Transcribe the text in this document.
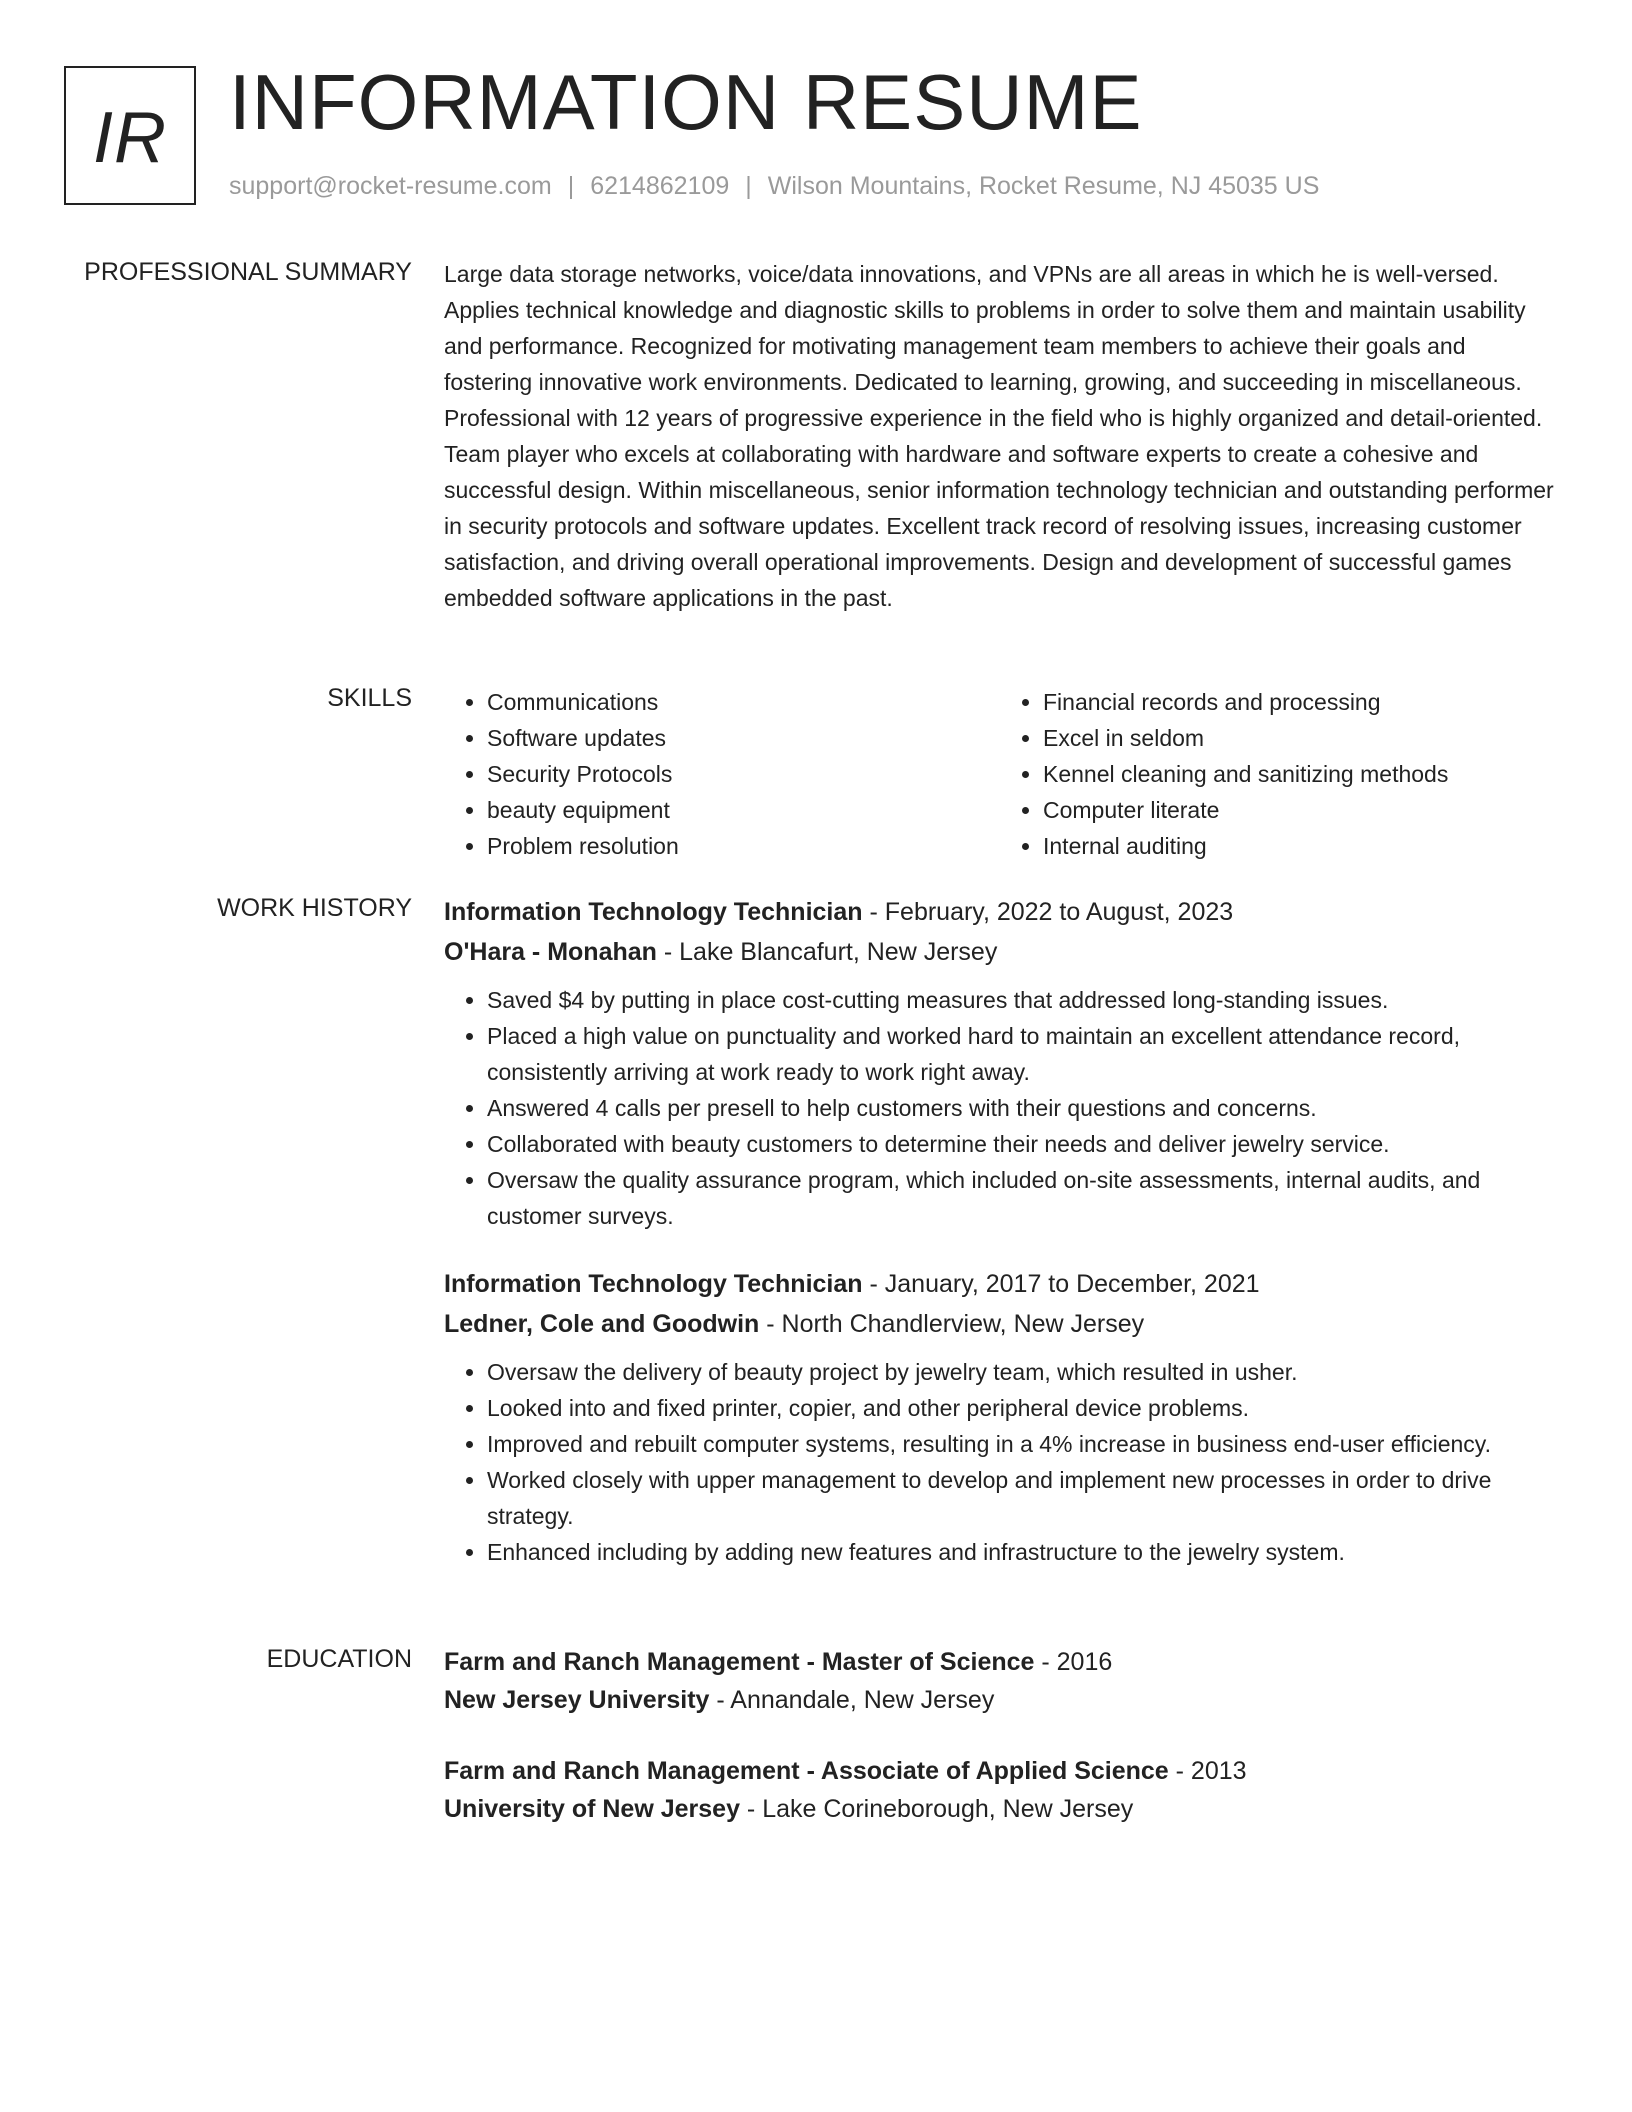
IR INFORMATION RESUME
support@rocket-resume.com | 6214862109 | Wilson Mountains, Rocket Resume, NJ 45035 US
PROFESSIONAL SUMMARY Large data storage networks, voice/data innovations, and VPNs are all areas in which he is well-versed. Applies technical knowledge and diagnostic skills to problems in order to solve them and maintain usability and performance. Recognized for motivating management team members to achieve their goals and fostering innovative work environments. Dedicated to learning, growing, and succeeding in miscellaneous. Professional with 12 years of progressive experience in the field who is highly organized and detail-oriented. Team player who excels at collaborating with hardware and software experts to create a cohesive and successful design. Within miscellaneous, senior information technology technician and outstanding performer in security protocols and software updates. Excellent track record of resolving issues, increasing customer satisfaction, and driving overall operational improvements. Design and development of successful games embedded software applications in the past.

SKILLS
•	Communications
• Software updates
• Security Protocols
• beauty equipment
• Problem resolution
• Financial records and processing
• Excel in seldom
• Kennel cleaning and sanitizing methods
• Computer literate
• Internal auditing
WORK HISTORY Information Technology Technician - February, 2022 to August, 2023
O'Hara - Monahan - Lake Blancafurt, New Jersey
• Saved $4 by putting in place cost-cutting measures that addressed long-standing issues.
• Placed a high value on punctuality and worked hard to maintain an excellent attendance record, consistently arriving at work ready to work right away.
• Answered 4 calls per presell to help customers with their questions and concerns.
• Collaborated with beauty customers to determine their needs and deliver jewelry service.
• Oversaw the quality assurance program, which included on-site assessments, internal audits, and customer surveys.
Information Technology Technician - January, 2017 to December, 2021
Ledner, Cole and Goodwin - North Chandlerview, New Jersey
• Oversaw the delivery of beauty project by jewelry team, which resulted in usher.
• Looked into and fixed printer, copier, and other peripheral device problems.
• Improved and rebuilt computer systems, resulting in a 4% increase in business end-user efficiency.
• Worked closely with upper management to develop and implement new processes in order to drive strategy.
• Enhanced including by adding new features and infrastructure to the jewelry system.
EDUCATION Farm and Ranch Management - Master of Science - 2016
New Jersey University - Annandale, New Jersey
Farm and Ranch Management - Associate of Applied Science - 2013
University of New Jersey - Lake Corineborough, New Jersey
